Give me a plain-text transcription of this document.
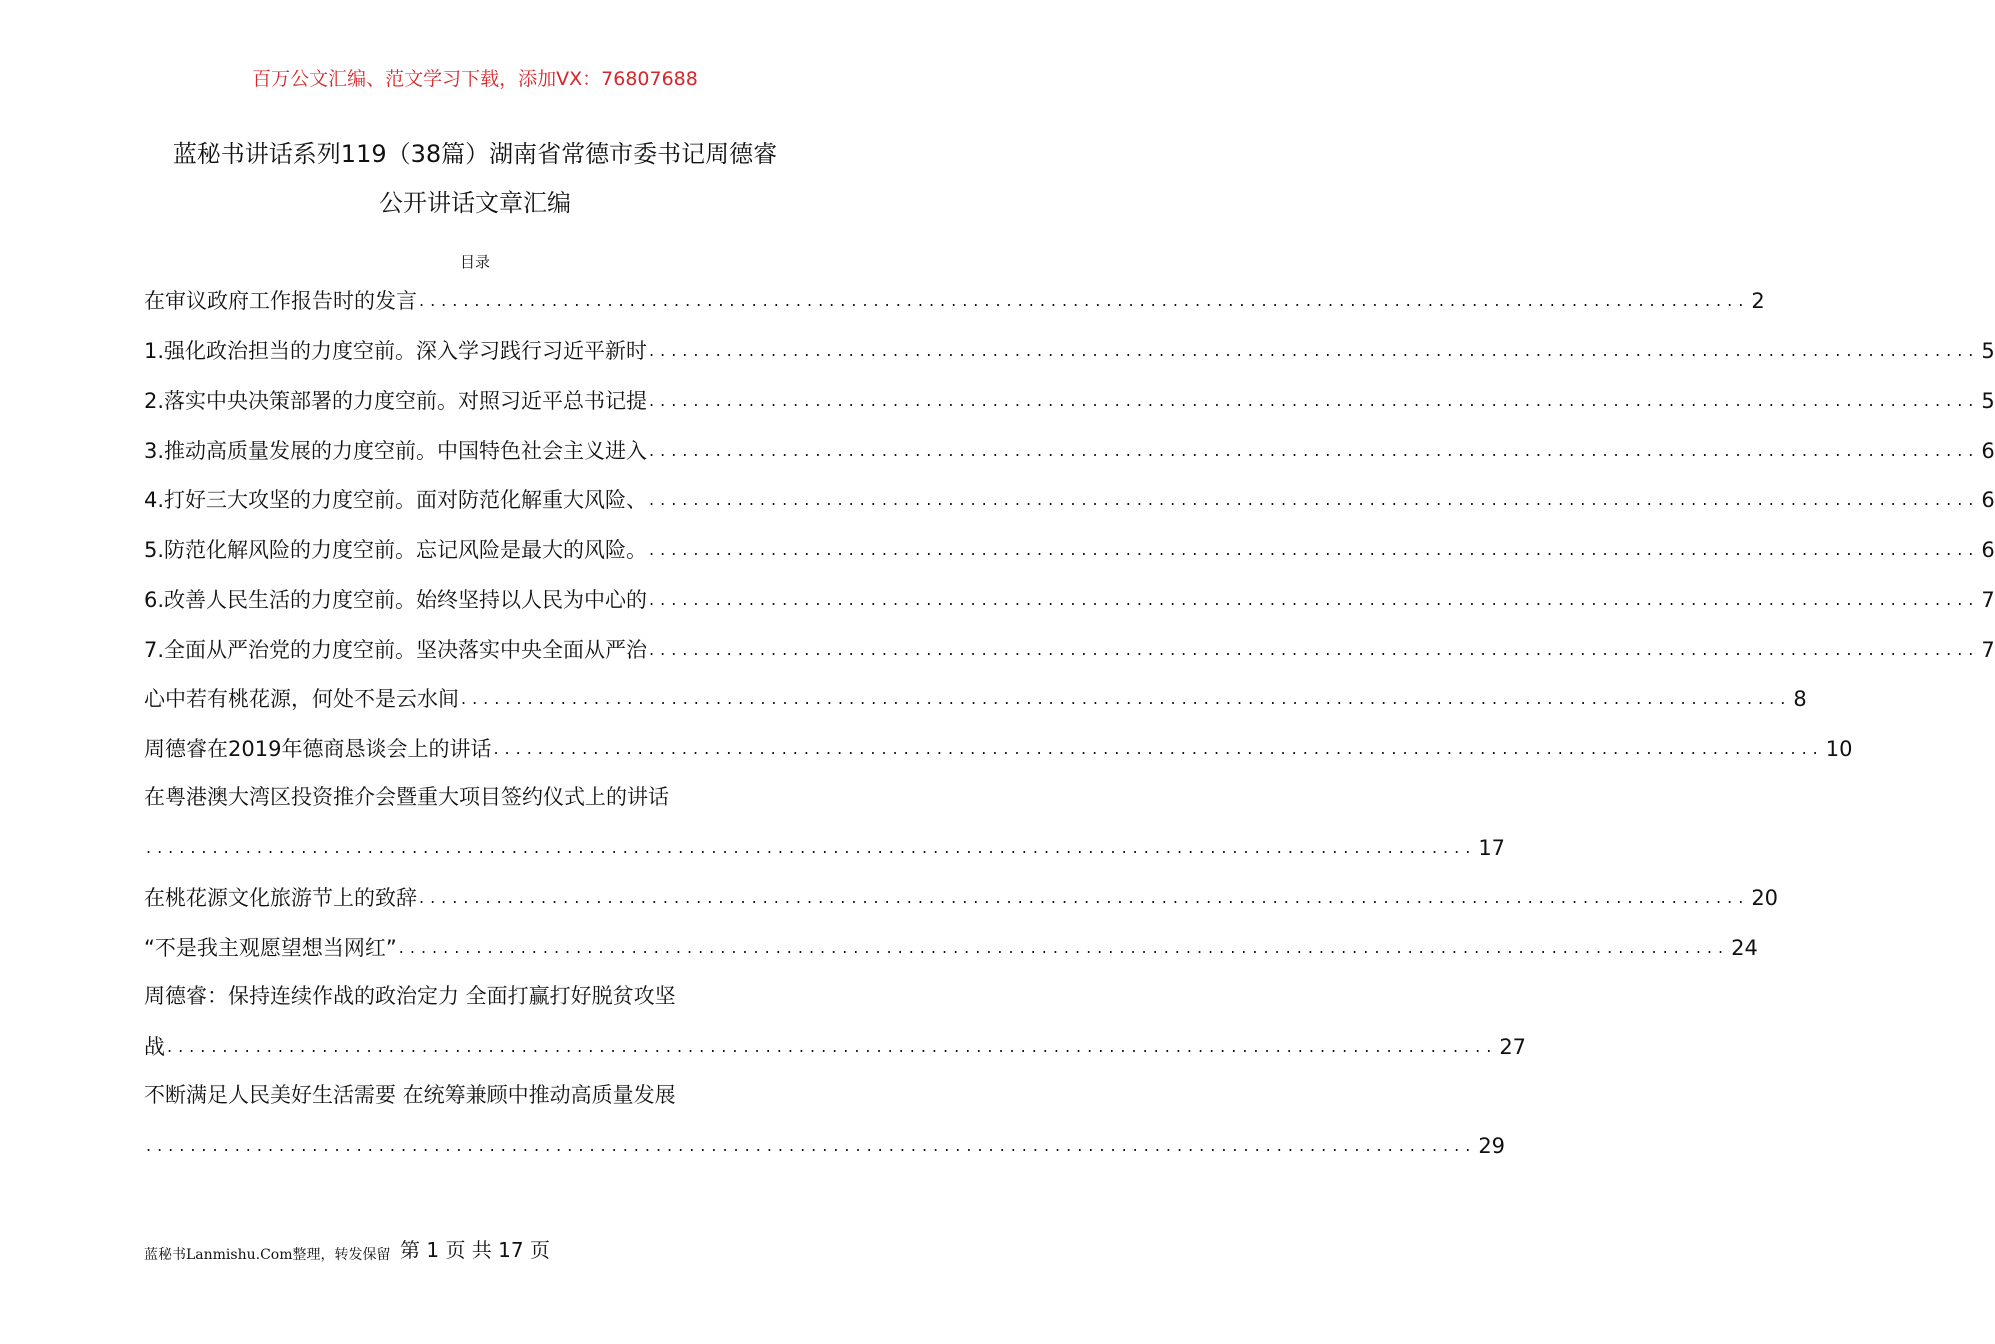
百万公文汇编、范文学习下载，添加VX：76807688
蓝秘书讲话系列119（38篇）湖南省常德市委书记周德睿
公开讲话文章汇编
目录
在审议政府工作报告时的发言 ........................................................................................................................ 2
1.强化政治担当的力度空前。深入学习践行习近平新时 ........................................................................................................................ 5
2.落实中央决策部署的力度空前。对照习近平总书记提 ........................................................................................................................ 5
3.推动高质量发展的力度空前。中国特色社会主义进入 ........................................................................................................................ 6
4.打好三大攻坚的力度空前。面对防范化解重大风险、 ........................................................................................................................ 6
5.防范化解风险的力度空前。忘记风险是最大的风险。 ........................................................................................................................ 6
6.改善人民生活的力度空前。始终坚持以人民为中心的 ........................................................................................................................ 7
7.全面从严治党的力度空前。坚决落实中央全面从严治 ........................................................................................................................ 7
心中若有桃花源，何处不是云水间 ........................................................................................................................ 8
周德睿在2019年德商恳谈会上的讲话 ........................................................................................................................ 10
在粤港澳大湾区投资推介会暨重大项目签约仪式上的讲话
........................................................................................................................ 17
在桃花源文化旅游节上的致辞 ........................................................................................................................ 20
“不是我主观愿望想当网红” ........................................................................................................................ 24
周德睿：保持连续作战的政治定力 全面打赢打好脱贫攻坚
战 ........................................................................................................................ 27
不断满足人民美好生活需要 在统筹兼顾中推动高质量发展
........................................................................................................................ 29
第 1 页 共 17 页
蓝秘书Lanmishu.Com整理，转发保留
